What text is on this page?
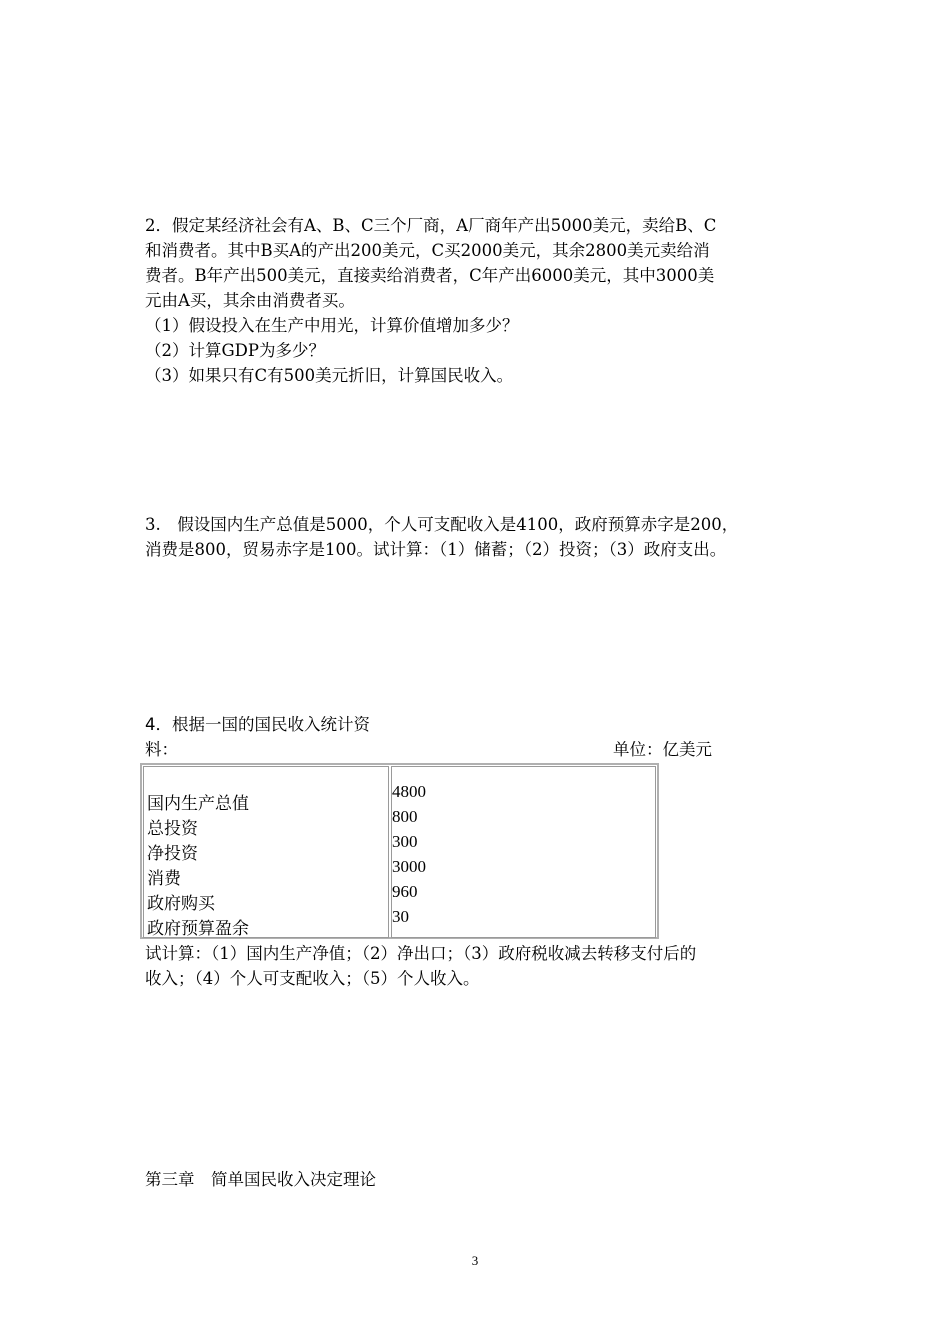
2．假定某经济社会有A、B、C三个厂商，A厂商年产出5000美元，卖给B、C
和消费者。其中B买A的产出200美元，C买2000美元，其余2800美元卖给消
费者。B年产出500美元，直接卖给消费者，C年产出6000美元，其中3000美
元由A买，其余由消费者买。
（1）假设投入在生产中用光，计算价值增加多少？
（2）计算GDP为多少？
（3）如果只有C有500美元折旧，计算国民收入。
3.　假设国内生产总值是5000，个人可支配收入是4100，政府预算赤字是200，
消费是800，贸易赤字是100。试计算：（1）储蓄；（2）投资；（3）政府支出。
4．根据一国的国民收入统计资
料：	单位：亿美元
国内生产总值
总投资
净投资
消费
政府购买
政府预算盈余
4800
800
300
3000
960
30
试计算：（1）国内生产净值；（2）净出口；（3）政府税收减去转移支付后的
收入；（4）个人可支配收入；（5）个人收入。
第三章　简单国民收入决定理论
3
